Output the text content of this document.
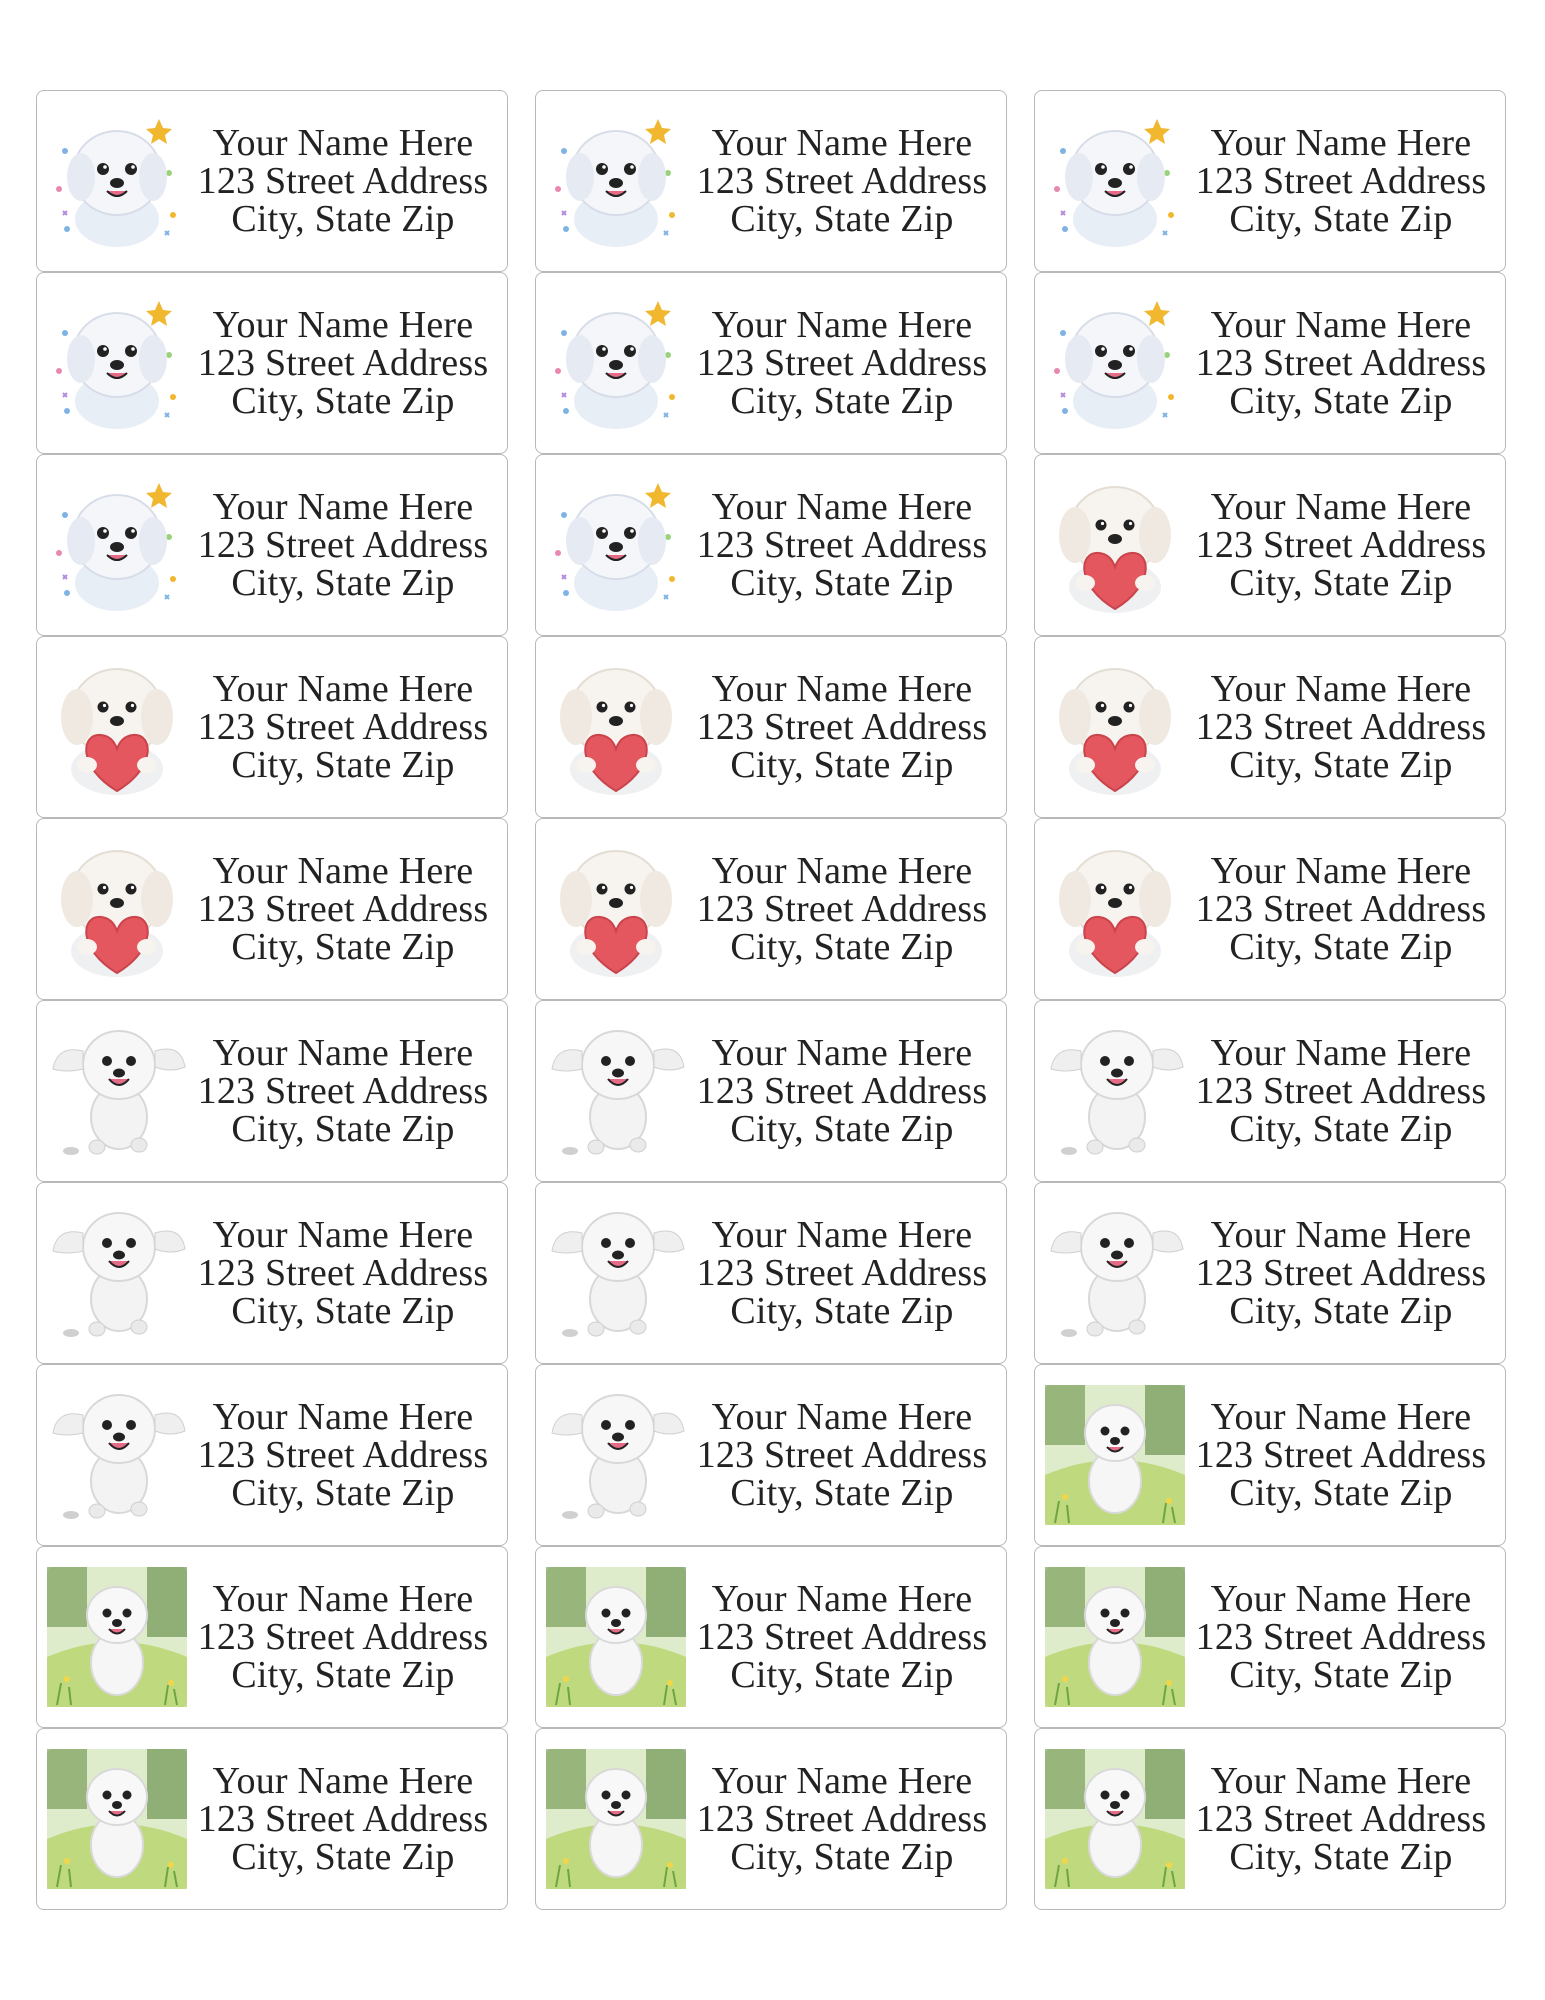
Your Name Here
123 Street Address
City, State Zip
Your Name Here
123 Street Address
City, State Zip
Your Name Here
123 Street Address
City, State Zip
Your Name Here
123 Street Address
City, State Zip
Your Name Here
123 Street Address
City, State Zip
Your Name Here
123 Street Address
City, State Zip
Your Name Here
123 Street Address
City, State Zip
Your Name Here
123 Street Address
City, State Zip
Your Name Here
123 Street Address
City, State Zip
Your Name Here
123 Street Address
City, State Zip
Your Name Here
123 Street Address
City, State Zip
Your Name Here
123 Street Address
City, State Zip
Your Name Here
123 Street Address
City, State Zip
Your Name Here
123 Street Address
City, State Zip
Your Name Here
123 Street Address
City, State Zip
Your Name Here
123 Street Address
City, State Zip
Your Name Here
123 Street Address
City, State Zip
Your Name Here
123 Street Address
City, State Zip
Your Name Here
123 Street Address
City, State Zip
Your Name Here
123 Street Address
City, State Zip
Your Name Here
123 Street Address
City, State Zip
Your Name Here
123 Street Address
City, State Zip
Your Name Here
123 Street Address
City, State Zip
Your Name Here
123 Street Address
City, State Zip
Your Name Here
123 Street Address
City, State Zip
Your Name Here
123 Street Address
City, State Zip
Your Name Here
123 Street Address
City, State Zip
Your Name Here
123 Street Address
City, State Zip
Your Name Here
123 Street Address
City, State Zip
Your Name Here
123 Street Address
City, State Zip
